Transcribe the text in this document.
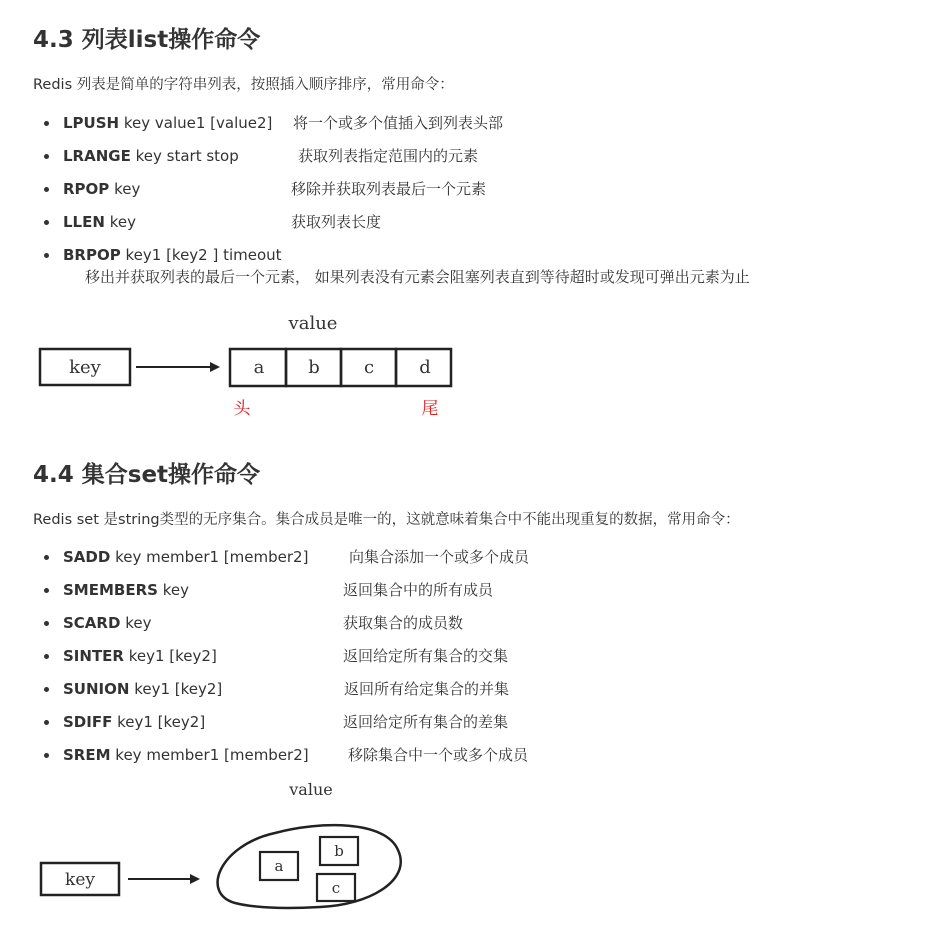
4.3 列表list操作命令

Redis 列表是简单的字符串列表，按照插入顺序排序，常用命令：

LPUSH key value1 [value2] 将一个或多个值插入到列表头部
LRANGE key start stop	获取列表指定范围内的元素
RPOP key	移除并获取列表最后一个元素
LLEN key	获取列表长度
BRPOP key1 [key2 ] timeout移出并获取列表的最后一个元素， 如果列表没有元素会阻塞列表直到等待超时或发现可弹出元素为止
value
key	a b c	d
头	尾
4.4 集合set操作命令

Redis set 是string类型的无序集合。集合成员是唯一的，这就意味着集合中不能出现重复的数据，常用命令：

SADD key member1 [member2]	向集合添加一个或多个成员
SMEMBERS key	返回集合中的所有成员
SCARD key	获取集合的成员数
SINTER key1 [key2]	返回给定所有集合的交集
SUNION key1 [key2]	返回所有给定集合的并集
SDIFF key1 [key2]	返回给定所有集合的差集
SREM key member1 [member2]	移除集合中一个或多个成员
value
key
a
b
c
